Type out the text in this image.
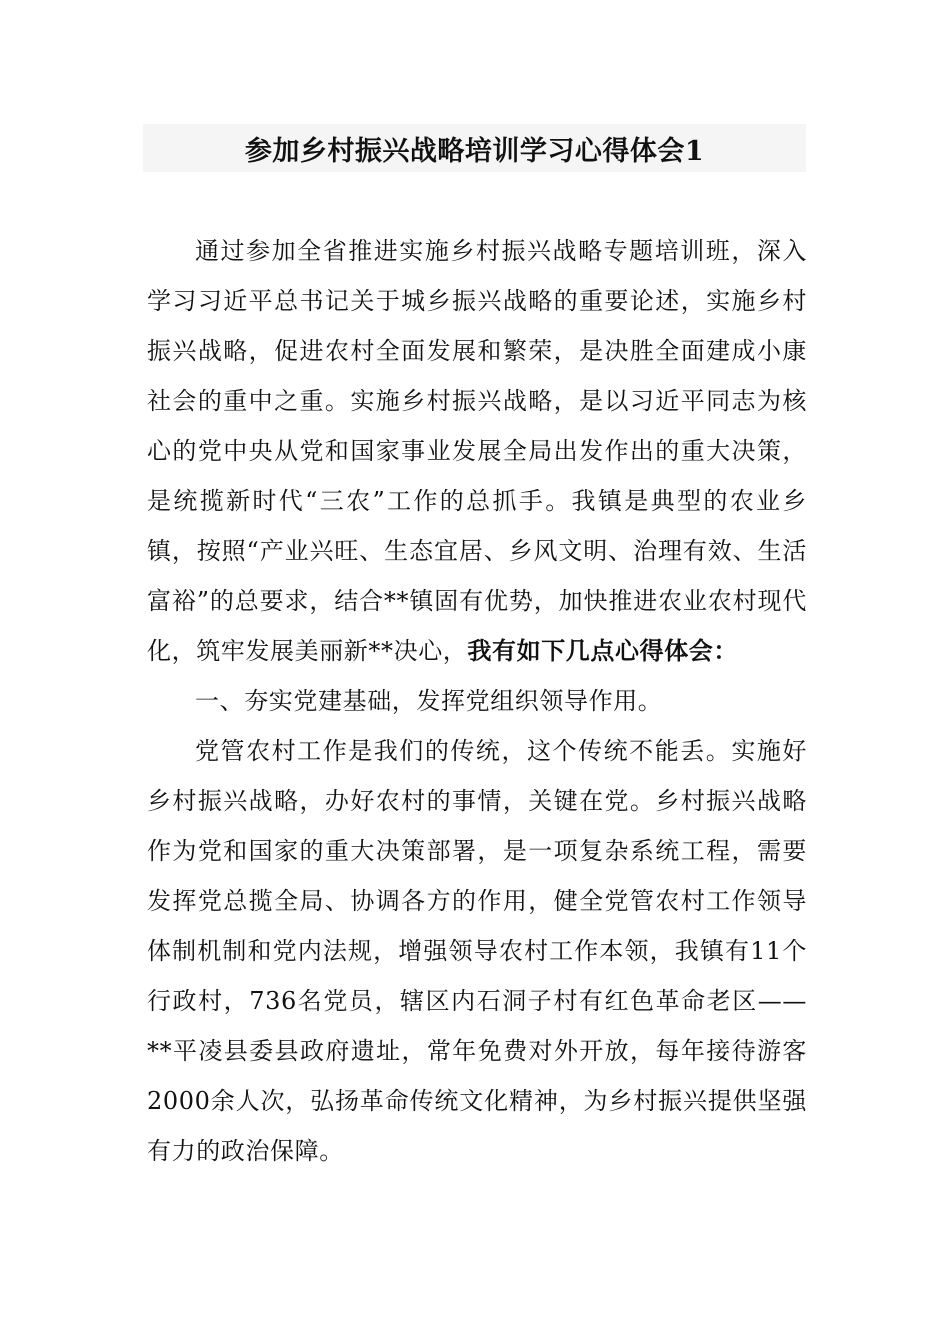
参加乡村振兴战略培训学习心得体会1

通过参加全省推进实施乡村振兴战略专题培训班，深入学习习近平总书记关于城乡振兴战略的重要论述，实施乡村振兴战略，促进农村全面发展和繁荣，是决胜全面建成小康社会的重中之重。实施乡村振兴战略，是以习近平同志为核心的党中央从党和国家事业发展全局出发作出的重大决策，是统揽新时代“三农”工作的总抓手。我镇是典型的农业乡镇，按照“产业兴旺、生态宜居、乡风文明、治理有效、生活富裕”的总要求，结合**镇固有优势，加快推进农业农村现代化，筑牢发展美丽新**决心，我有如下几点心得体会：

一、夯实党建基础，发挥党组织领导作用。

党管农村工作是我们的传统，这个传统不能丢。实施好乡村振兴战略，办好农村的事情，关键在党。乡村振兴战略作为党和国家的重大决策部署，是一项复杂系统工程，需要发挥党总揽全局、协调各方的作用，健全党管农村工作领导体制机制和党内法规，增强领导农村工作本领，我镇有11个行政村，736名党员，辖区内石洞子村有红色革命老区——**平凌县委县政府遗址，常年免费对外开放，每年接待游客2000余人次，弘扬革命传统文化精神，为乡村振兴提供坚强有力的政治保障。
